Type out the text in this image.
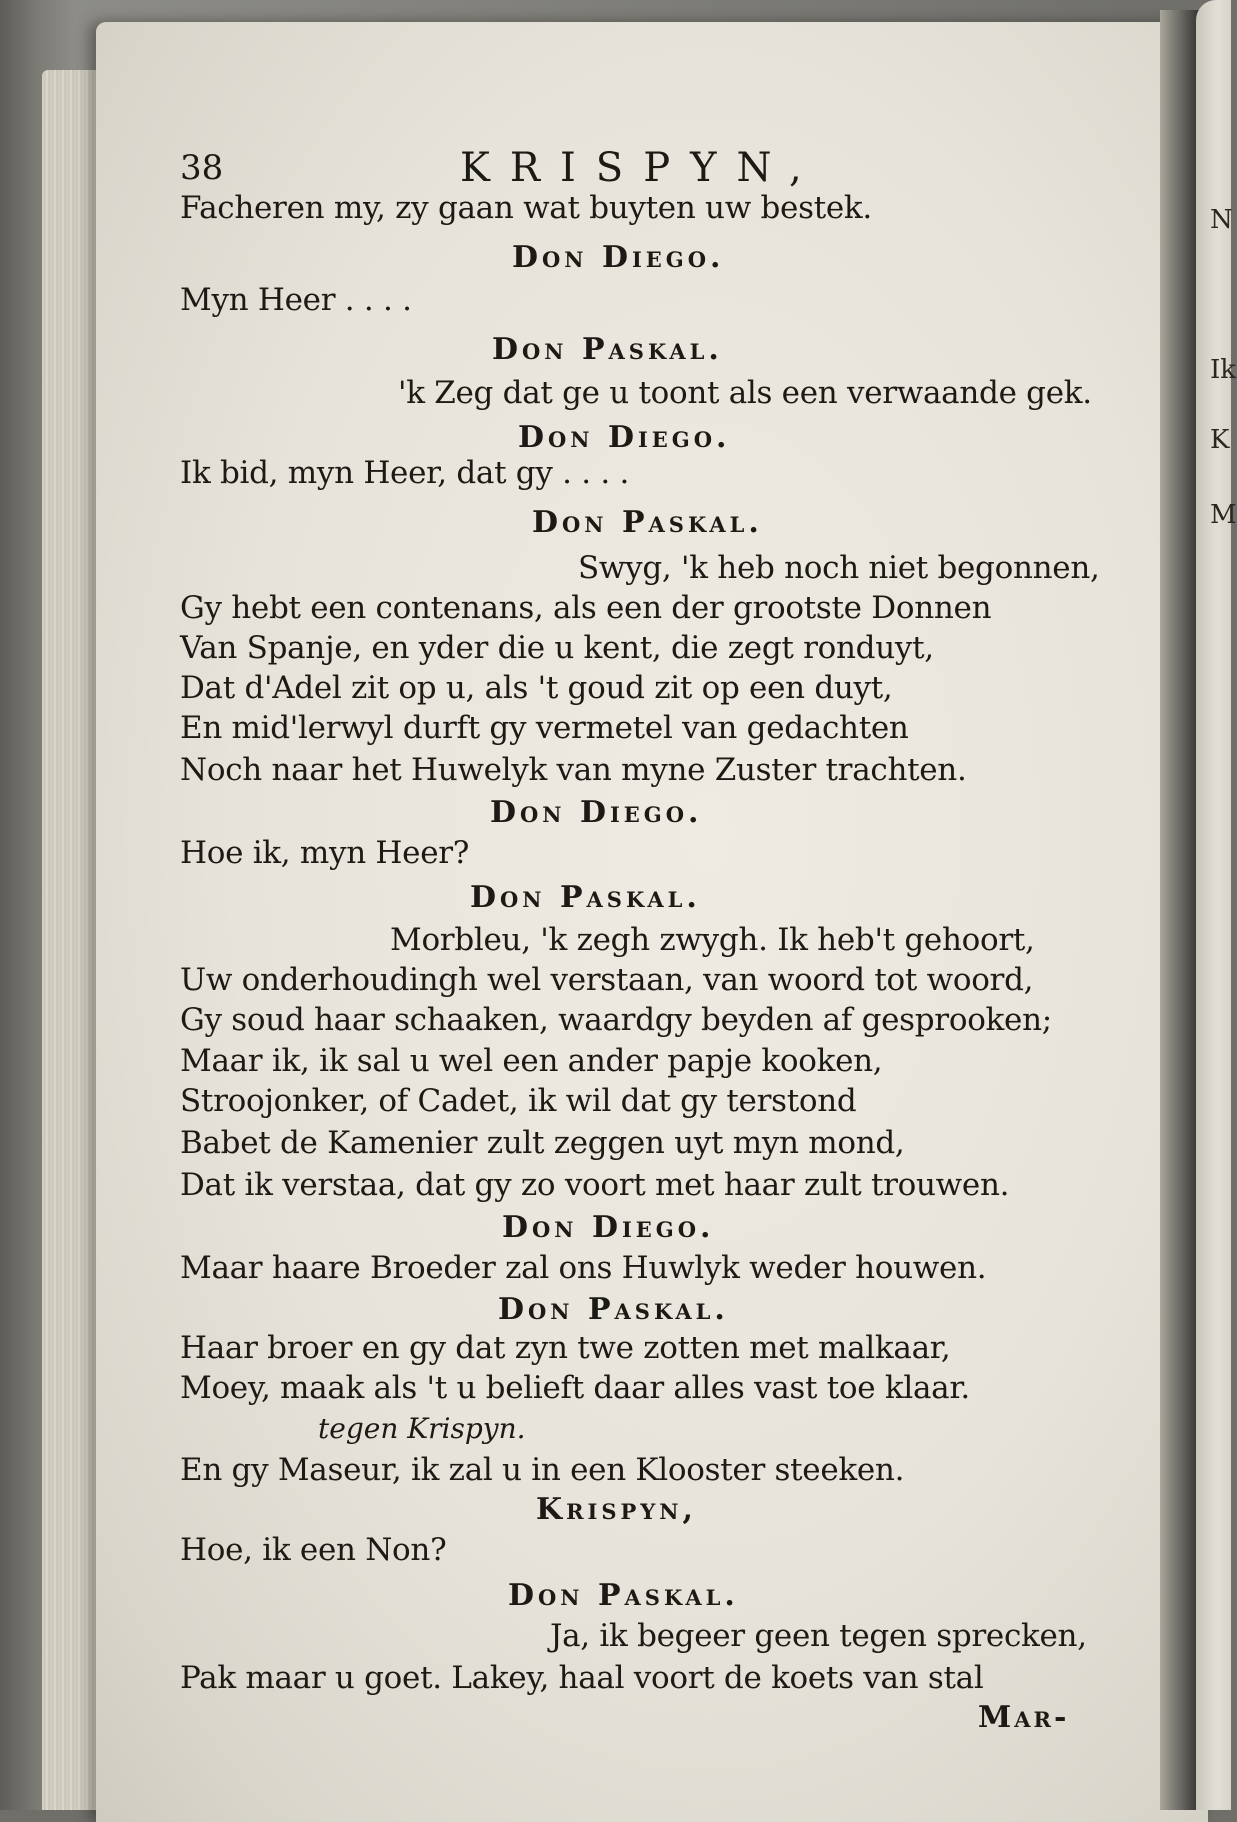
N
Ik
K
M
38	KRISPYN,
Facheren my, zy gaan wat buyten uw bestek.
Don Diego.
Myn Heer . . . .
Don Paskal.
'k Zeg dat ge u toont als een verwaande gek.
Don Diego.
Ik bid, myn Heer, dat gy . . . .
Don Paskal.
Swyg, 'k heb noch niet begonnen,
Gy hebt een contenans, als een der grootste Donnen
Van Spanje, en yder die u kent, die zegt ronduyt,
Dat d'Adel zit op u, als 't goud zit op een duyt,
En mid'lerwyl durft gy vermetel van gedachten
Noch naar het Huwelyk van myne Zuster trachten.
Don Diego.
Hoe ik, myn Heer?
Don Paskal.
Morbleu, 'k zegh zwygh. Ik heb't gehoort,
Uw onderhoudingh wel verstaan, van woord tot woord,
Gy soud haar schaaken, waardgy beyden af gesprooken;
Maar ik, ik sal u wel een ander papje kooken,
Stroojonker, of Cadet, ik wil dat gy terstond
Babet de Kamenier zult zeggen uyt myn mond,
Dat ik verstaa, dat gy zo voort met haar zult trouwen.
Don Diego.
Maar haare Broeder zal ons Huwlyk weder houwen.
Don Paskal.
Haar broer en gy dat zyn twe zotten met malkaar,
Moey, maak als 't u belieft daar alles vast toe klaar.
tegen Krispyn.
En gy Maseur, ik zal u in een Klooster steeken.
Krispyn,
Hoe, ik een Non?
Don Paskal.
Ja, ik begeer geen tegen sprecken,
Pak maar u goet. Lakey, haal voort de koets van stal
Mar-
